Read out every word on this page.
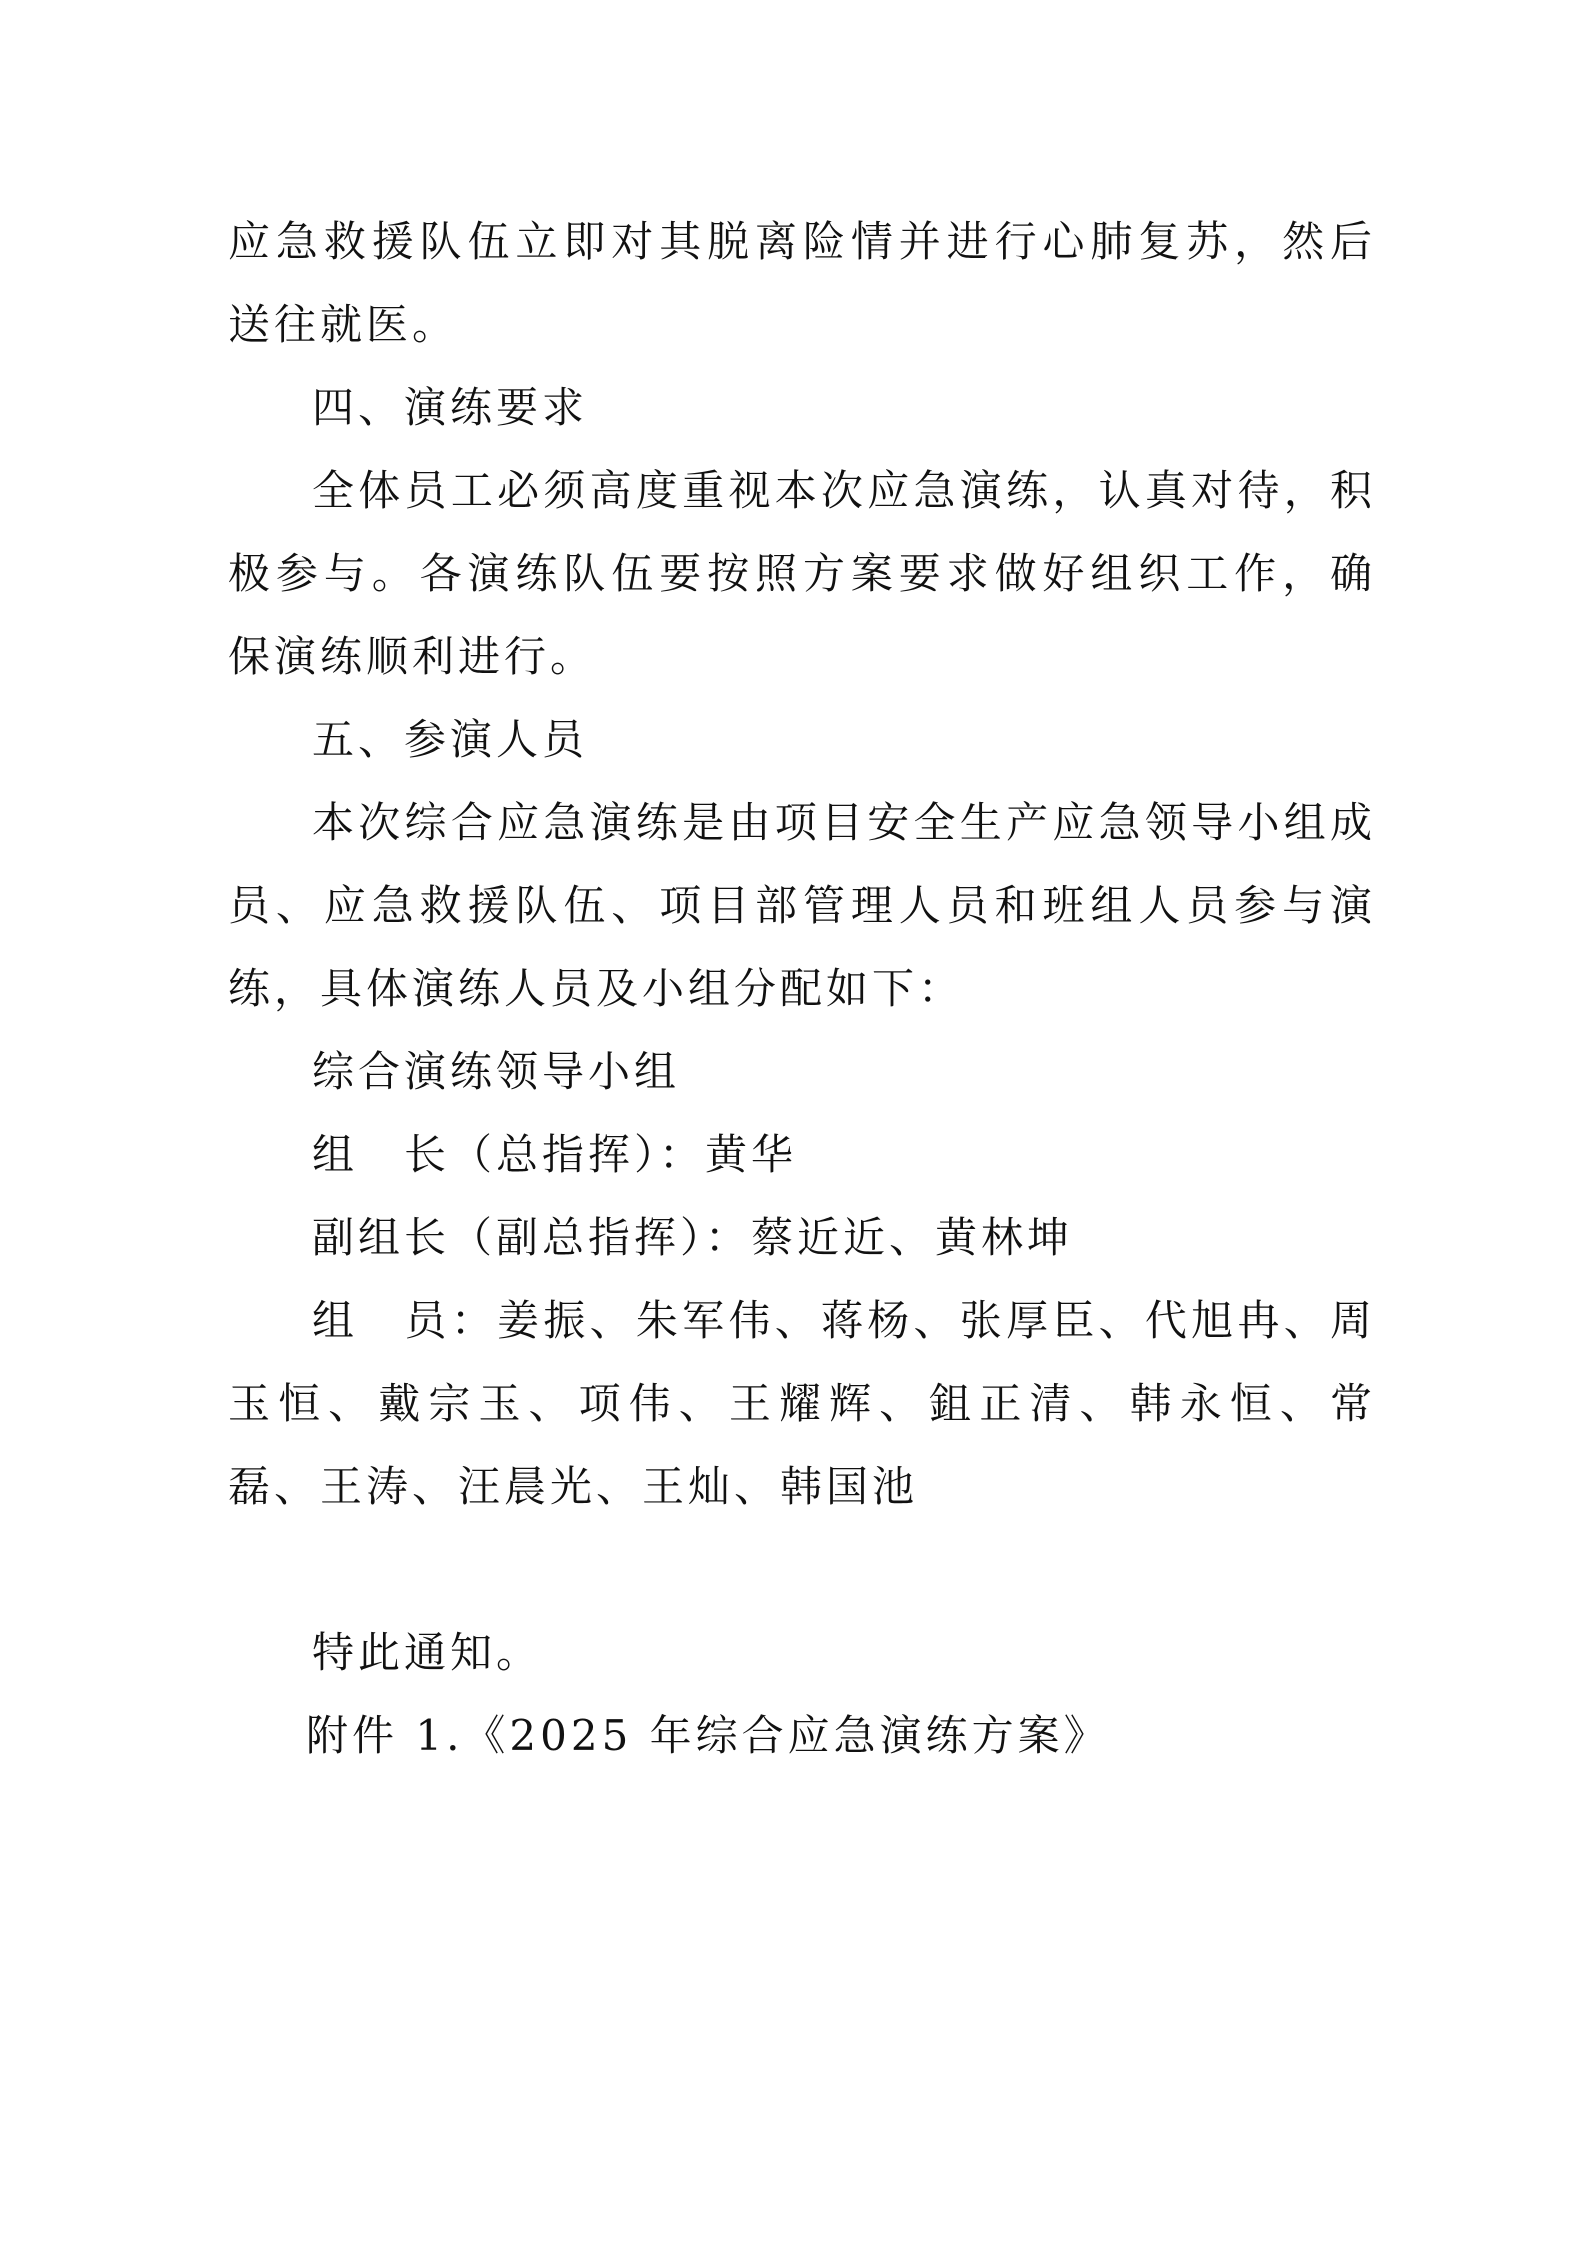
应急救援队伍立即对其脱离险情并进行心肺复苏，然后送往就医。

四、演练要求

全体员工必须高度重视本次应急演练，认真对待，积极参与。各演练队伍要按照方案要求做好组织工作，确保演练顺利进行。

五、参演人员

本次综合应急演练是由项目安全生产应急领导小组成员、应急救援队伍、项目部管理人员和班组人员参与演练，具体演练人员及小组分配如下：

综合演练领导小组

组　长（总指挥）：黄华

副组长（副总指挥）：蔡近近、黄林坤

组　员：姜振、朱军伟、蒋杨、张厚臣、代旭冉、周玉恒、戴宗玉、项伟、王耀辉、鉏正清、韩永恒、常磊、王涛、汪晨光、王灿、韩国池

特此通知。

附件 1.《2025 年综合应急演练方案》
